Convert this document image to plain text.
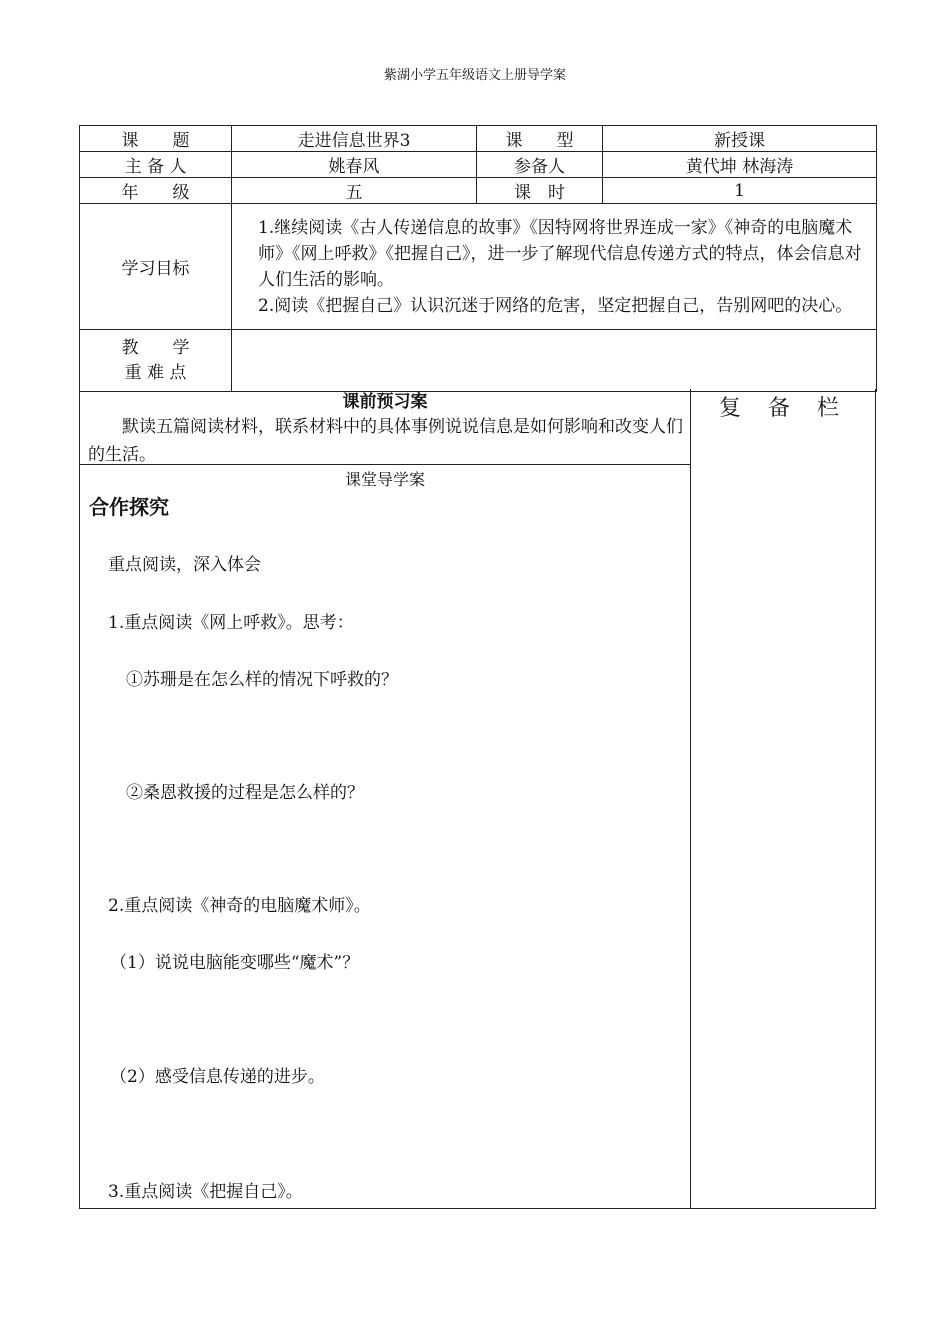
紫湖小学五年级语文上册导学案
课　　题	走进信息世界3	课　　型	新授课
主 备 人	姚春风	参备人	黄代坤 林海涛
年　　级	五	课　时	1
学习目标	1.继续阅读《古人传递信息的故事》《因特网将世界连成一家》《神奇的电脑魔术师》《网上呼救》《把握自己》，进一步了解现代信息传递方式的特点，体会信息对人们生活的影响。
2.阅读《把握自己》认识沉迷于网络的危害，坚定把握自己，告别网吧的决心。		

教　　学
重 难 点			

课前预习案
默读五篇阅读材料，联系材料中的具体事例说说信息是如何影响和改变人们的生活。
课堂导学案
合作探究
重点阅读，深入体会
1.重点阅读《网上呼救》。思考：
①苏珊是在怎么样的情况下呼救的？
②桑恩救援的过程是怎么样的？
2.重点阅读《神奇的电脑魔术师》。
（1）说说电脑能变哪些“魔术”？
（2）感受信息传递的进步。
3.重点阅读《把握自己》。
复 备 栏
